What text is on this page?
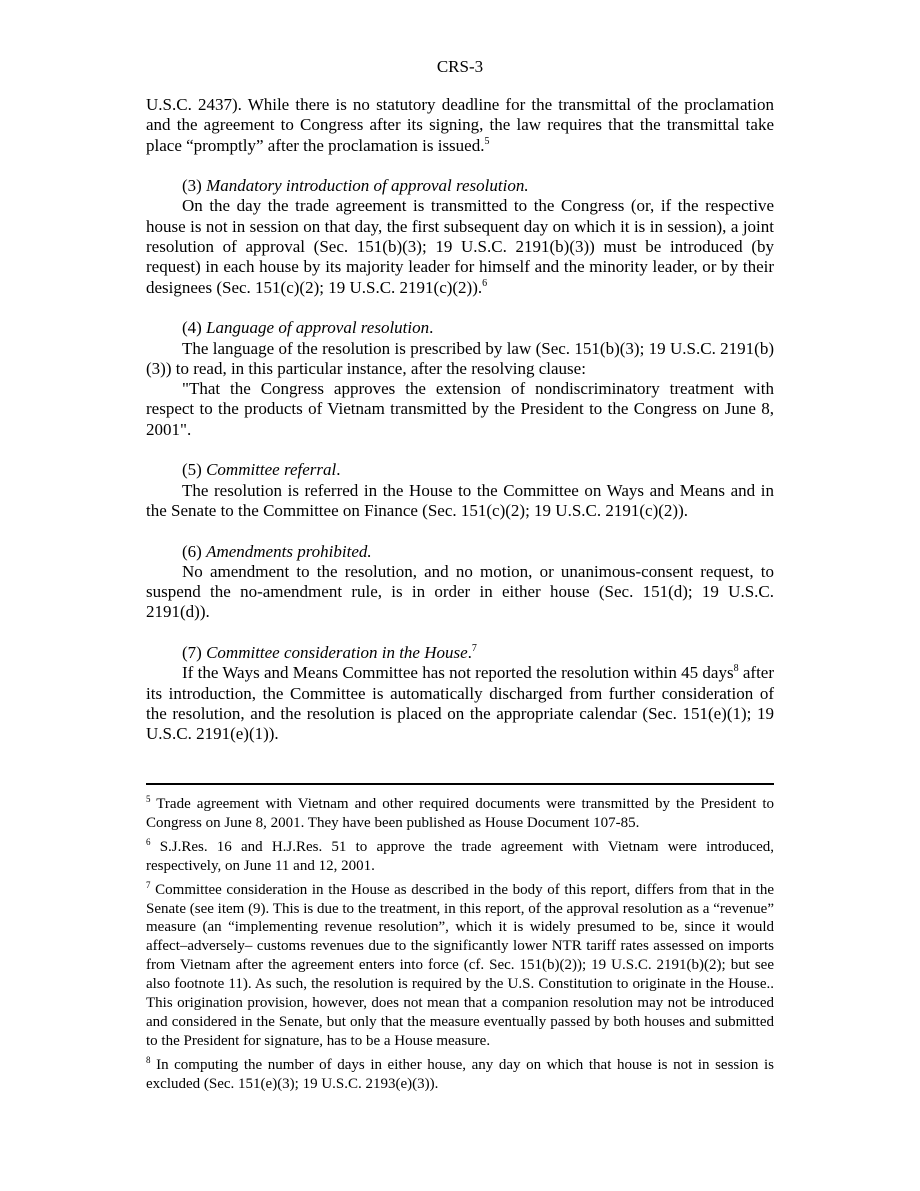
CRS-3

U.S.C. 2437). While there is no statutory deadline for the transmittal of the proclamation and the agreement to Congress after its signing, the law requires that the transmittal take place “promptly” after the proclamation is issued.$^5$

(3) Mandatory introduction of approval resolution.

On the day the trade agreement is transmitted to the Congress (or, if the respective house is not in session on that day, the first subsequent day on which it is in session), a joint resolution of approval (Sec. 151(b)(3); 19 U.S.C. 2191(b)(3)) must be introduced (by request) in each house by its majority leader for himself and the minority leader, or by their designees (Sec. 151(c)(2); 19 U.S.C. 2191(c)(2)).$^6$

(4) Language of approval resolution.

The language of the resolution is prescribed by law (Sec. 151(b)(3); 19 U.S.C. 2191(b)(3)) to read, in this particular instance, after the resolving clause:

"That the Congress approves the extension of nondiscriminatory treatment with respect to the products of Vietnam transmitted by the President to the Congress on June 8, 2001".

(5) Committee referral.

The resolution is referred in the House to the Committee on Ways and Means and in the Senate to the Committee on Finance (Sec. 151(c)(2); 19 U.S.C. 2191(c)(2)).

(6) Amendments prohibited.

No amendment to the resolution, and no motion, or unanimous-consent request, to suspend the no-amendment rule, is in order in either house (Sec. 151(d); 19 U.S.C. 2191(d)).

(7) Committee consideration in the House.$^7$

If the Ways and Means Committee has not reported the resolution within 45 days$^8$ after its introduction, the Committee is automatically discharged from further consideration of the resolution, and the resolution is placed on the appropriate calendar (Sec. 151(e)(1); 19 U.S.C. 2191(e)(1)).

$^5$ Trade agreement with Vietnam and other required documents were transmitted by the President to Congress on June 8, 2001. They have been published as House Document 107-85.

$^6$ S.J.Res. 16 and H.J.Res. 51 to approve the trade agreement with Vietnam were introduced, respectively, on June 11 and 12, 2001.

$^7$ Committee consideration in the House as described in the body of this report, differs from that in the Senate (see item (9). This is due to the treatment, in this report, of the approval resolution as a “revenue” measure (an “implementing revenue resolution”, which it is widely presumed to be, since it would affect–adversely– customs revenues due to the significantly lower NTR tariff rates assessed on imports from Vietnam after the agreement enters into force (cf. Sec. 151(b)(2)); 19 U.S.C. 2191(b)(2); but see also footnote 11). As such, the resolution is required by the U.S. Constitution to originate in the House.. This origination provision, however, does not mean that a companion resolution may not be introduced and considered in the Senate, but only that the measure eventually passed by both houses and submitted to the President for signature, has to be a House measure.

$^8$ In computing the number of days in either house, any day on which that house is not in session is excluded (Sec. 151(e)(3); 19 U.S.C. 2193(e)(3)).
